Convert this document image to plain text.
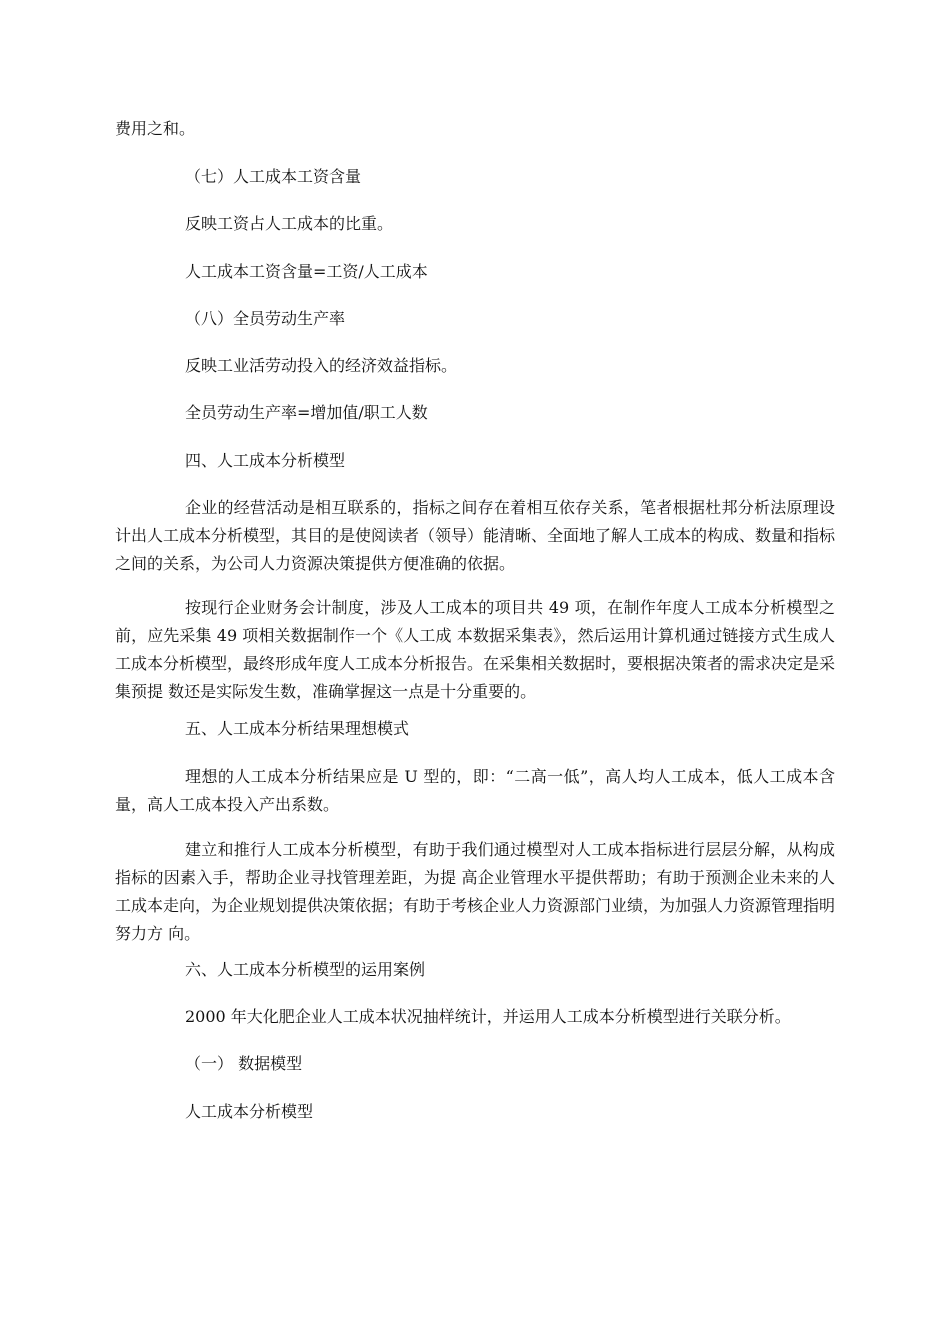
费用之和。

（七）人工成本工资含量

反映工资占人工成本的比重。

人工成本工资含量=工资/人工成本

（八）全员劳动生产率

反映工业活劳动投入的经济效益指标。

全员劳动生产率=增加值/职工人数

四、人工成本分析模型

企业的经营活动是相互联系的，指标之间存在着相互依存关系，笔者根据杜邦分析法原理设计出人工成本分析模型，其目的是使阅读者（领导）能清晰、全面地了解人工成本的构成、数量和指标之间的关系，为公司人力资源决策提供方便准确的依据。

按现行企业财务会计制度，涉及人工成本的项目共 49 项，在制作年度人工成本分析模型之前，应先采集 49 项相关数据制作一个《人工成 本数据采集表》，然后运用计算机通过链接方式生成人工成本分析模型，最终形成年度人工成本分析报告。在采集相关数据时，要根据决策者的需求决定是采集预提 数还是实际发生数，准确掌握这一点是十分重要的。

五、人工成本分析结果理想模式

理想的人工成本分析结果应是 U 型的，即：“二高一低”，高人均人工成本，低人工成本含量，高人工成本投入产出系数。

建立和推行人工成本分析模型，有助于我们通过模型对人工成本指标进行层层分解，从构成指标的因素入手，帮助企业寻找管理差距，为提 高企业管理水平提供帮助；有助于预测企业未来的人工成本走向，为企业规划提供决策依据；有助于考核企业人力资源部门业绩，为加强人力资源管理指明努力方 向。

六、人工成本分析模型的运用案例

2000 年大化肥企业人工成本状况抽样统计，并运用人工成本分析模型进行关联分析。

（一） 数据模型

人工成本分析模型
